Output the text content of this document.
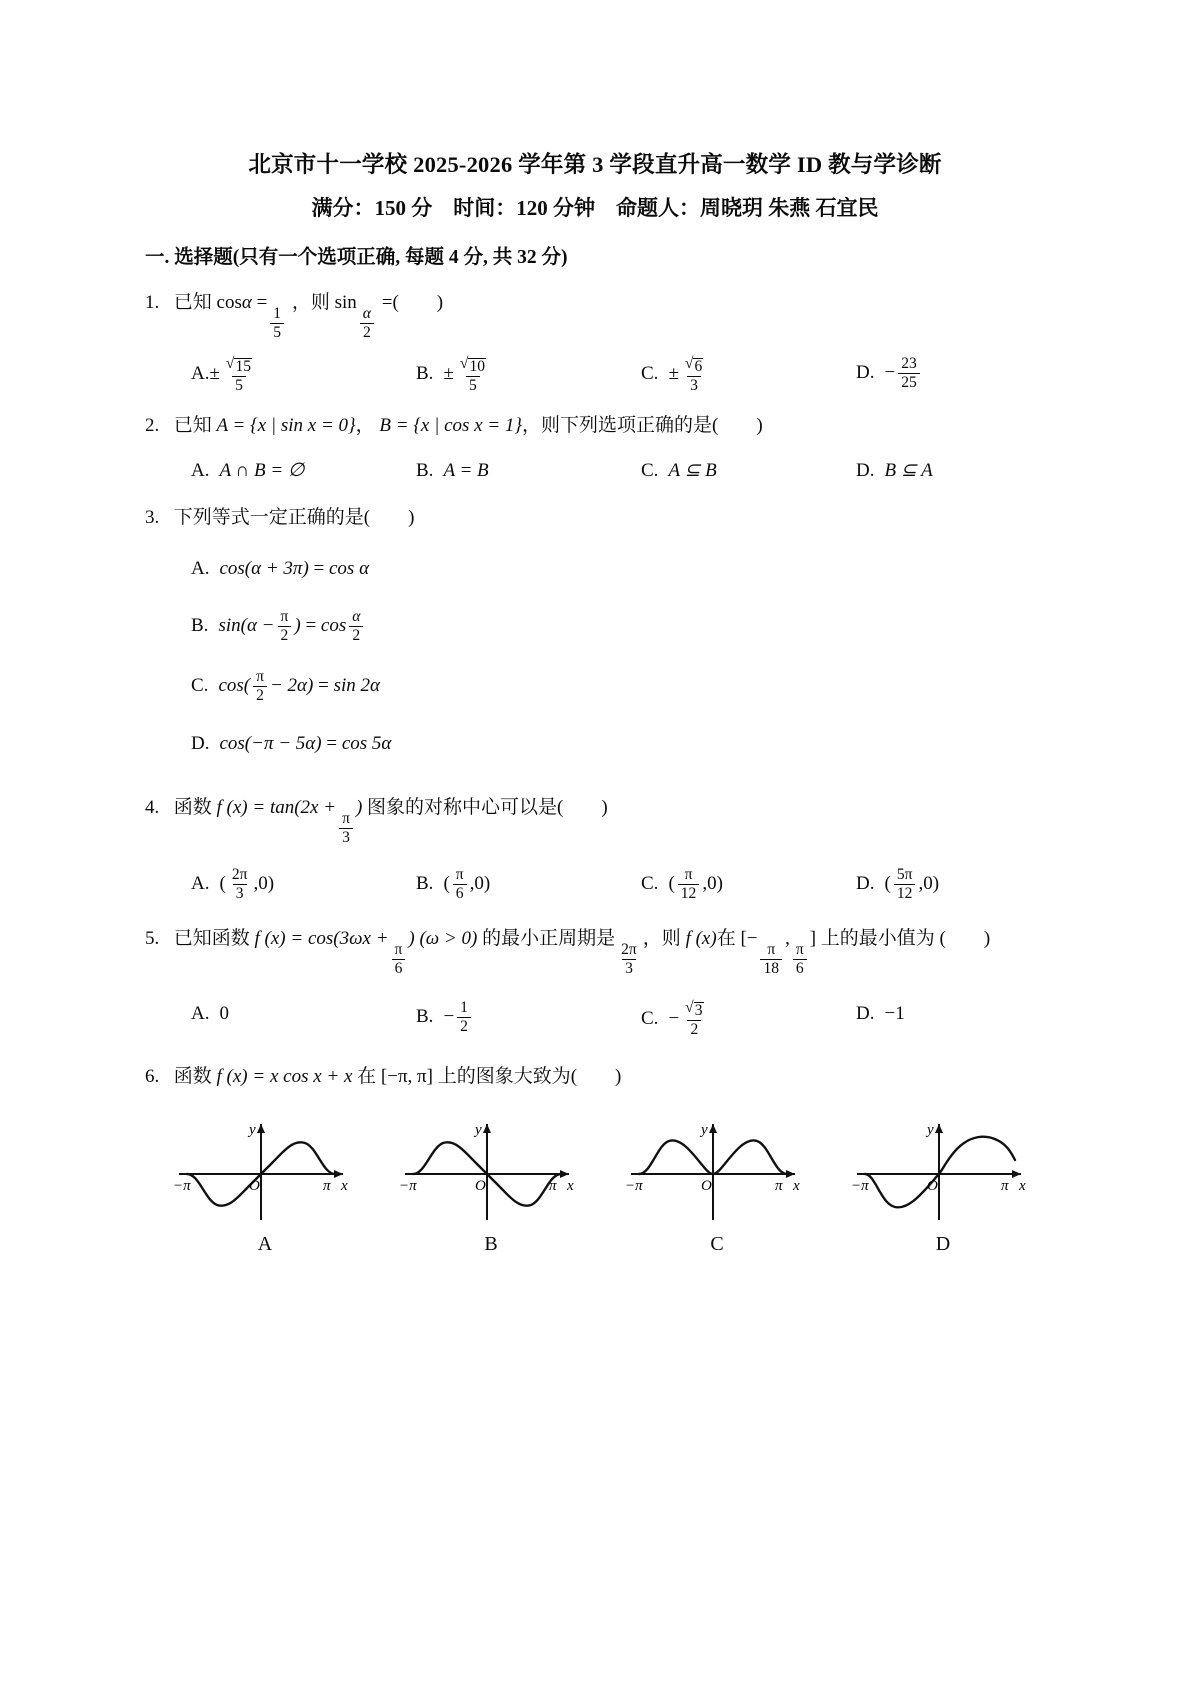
北京市十一学校 2025-2026 学年第 3 学段直升高一数学 ID 教与学诊断
满分：150 分　时间：120 分钟　命题人：周晓玥 朱燕 石宜民
一. 选择题(只有一个选项正确, 每题 4 分, 共 32 分)
1. 已知 cosα =
$\frac{1}{5}$
，则 sin
$\frac{\alpha}{2}$
=(　　)
A. ± $\frac{√ 15}{5}$	B. ± $\frac{√ 10}{5}$	C. ± $\frac{√ 6}{3}$	D. − $\frac{23}{25}$
2. 已知 A = {x | sin x = 0}， B = {x | cos x = 1}，则下列选项正确的是(　　)
A. A ∩ B = ∅	B. A = B	C. A ⊆ B	D. B ⊆ A
3. 下列等式一定正确的是(　　)
A. cos(α + 3π) = cos α
B. $\sin(\alpha - \frac{\pi}{2}$ ) = $\cos \frac{\alpha}{2}$
C. $\cos( \frac{\pi}{2} - 2\alpha) = \sin 2\alpha$
D. cos(−π − 5α) = cos 5α
4. 函数 f (x) = tan(2x +
$\frac{\pi}{3}$
) 图象的对称中心可以是(　　)
A. ( $\frac{2\pi}{3} ,0$)	B. ( $\frac{\pi}{6} ,0$)	C. ( $\frac{\pi}{12} ,0$)	D. ( $\frac{5\pi}{12} ,0$)
5. 已知函数 f (x) = cos(3ωx +
$\frac{\pi}{6}$
) (ω > 0) 的最小正周期是
$\frac{2\pi}{3}$
，则 f (x)在 [−
$\frac{\pi}{18}$
,
$\frac{\pi}{6}$
] 上的最小值为 (　　)
A. 0	B. − $\frac{1}{2}$	C. − $\frac{√ 3}{2}$	D. −1
6. 函数 f (x) = x cos x + x 在 [−π, π] 上的图象大致为(　　)
y
O
−π	π x
A
y
O
−π	π x
B
y
O
−π	π x
C
y
O
−π	π x
D
